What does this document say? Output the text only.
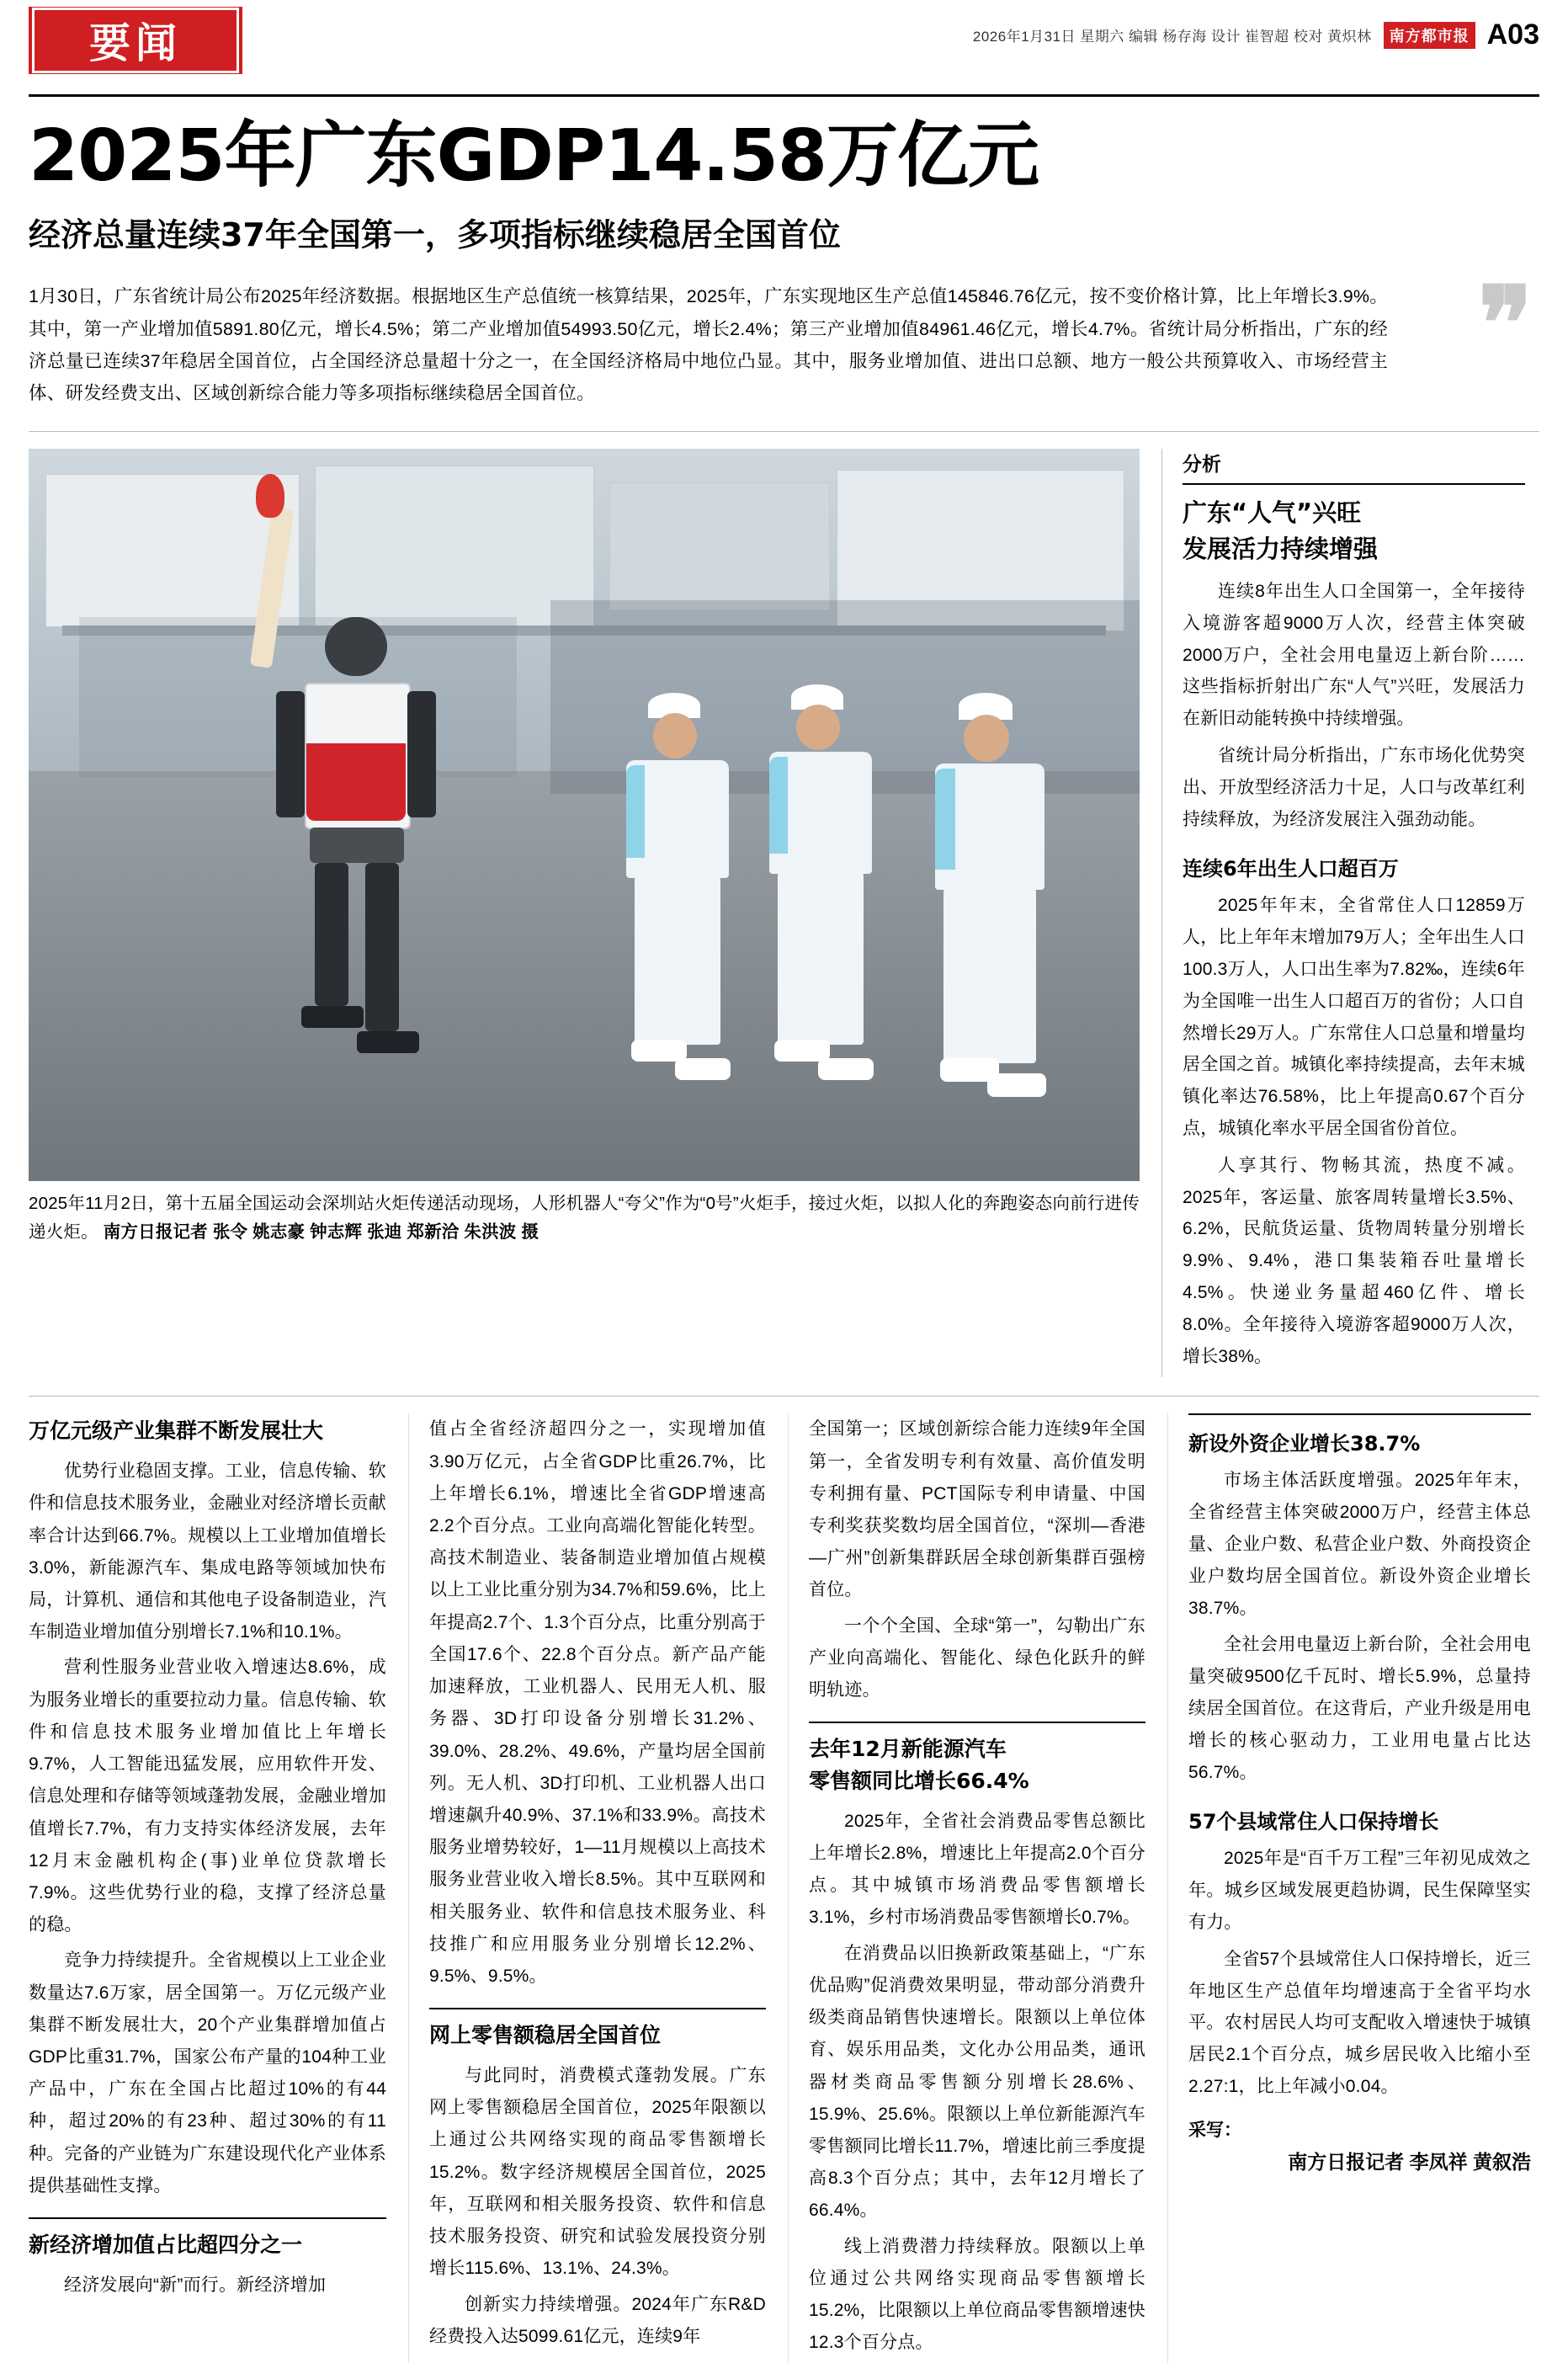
要闻	2026年1月31日 星期六 编辑 杨存海 设计 崔智超 校对 黄炽林	南方都市报 A03
2025年广东GDP14.58万亿元
经济总量连续37年全国第一，多项指标继续稳居全国首位
❞
1月30日，广东省统计局公布2025年经济数据。根据地区生产总值统一核算结果，2025年，广东实现地区生产总值145846.76亿元，按不变价格计算，比上年增长3.9%。其中，第一产业增加值5891.80亿元，增长4.5%；第二产业增加值54993.50亿元，增长2.4%；第三产业增加值84961.46亿元，增长4.7%。省统计局分析指出，广东的经济总量已连续37年稳居全国首位，占全国经济总量超十分之一，在全国经济格局中地位凸显。其中，服务业增加值、进出口总额、地方一般公共预算收入、市场经营主体、研发经费支出、区域创新综合能力等多项指标继续稳居全国首位。
2025年11月2日，第十五届全国运动会深圳站火炬传递活动现场，人形机器人“夸父”作为“0号”火炬手，接过火炬，以拟人化的奔跑姿态向前行进传递火炬。 南方日报记者 张令 姚志豪 钟志辉 张迪 郑新洽 朱洪波 摄
分析
广东“人气”兴旺
发展活力持续增强

连续8年出生人口全国第一，全年接待入境游客超9000万人次，经营主体突破2000万户，全社会用电量迈上新台阶……这些指标折射出广东“人气”兴旺，发展活力在新旧动能转换中持续增强。

省统计局分析指出，广东市场化优势突出、开放型经济活力十足，人口与改革红利持续释放，为经济发展注入强劲动能。

连续6年出生人口超百万

2025年年末，全省常住人口12859万人，比上年年末增加79万人；全年出生人口100.3万人，人口出生率为7.82‰，连续6年为全国唯一出生人口超百万的省份；人口自然增长29万人。广东常住人口总量和增量均居全国之首。城镇化率持续提高，去年末城镇化率达76.58%，比上年提高0.67个百分点，城镇化率水平居全国省份首位。

人享其行、物畅其流，热度不减。2025年，客运量、旅客周转量增长3.5%、6.2%，民航货运量、货物周转量分别增长9.9%、9.4%，港口集装箱吞吐量增长4.5%。快递业务量超460亿件、增长8.0%。全年接待入境游客超9000万人次，增长38%。

万亿元级产业集群不断发展壮大

优势行业稳固支撑。工业，信息传输、软件和信息技术服务业，金融业对经济增长贡献率合计达到66.7%。规模以上工业增加值增长3.0%，新能源汽车、集成电路等领域加快布局，计算机、通信和其他电子设备制造业，汽车制造业增加值分别增长7.1%和10.1%。

营利性服务业营业收入增速达8.6%，成为服务业增长的重要拉动力量。信息传输、软件和信息技术服务业增加值比上年增长9.7%，人工智能迅猛发展，应用软件开发、信息处理和存储等领域蓬勃发展，金融业增加值增长7.7%，有力支持实体经济发展，去年12月末金融机构企(事)业单位贷款增长7.9%。这些优势行业的稳，支撑了经济总量的稳。

竞争力持续提升。全省规模以上工业企业数量达7.6万家，居全国第一。万亿元级产业集群不断发展壮大，20个产业集群增加值占GDP比重31.7%，国家公布产量的104种工业产品中，广东在全国占比超过10%的有44种，超过20%的有23种、超过30%的有11种。完备的产业链为广东建设现代化产业体系提供基础性支撑。

新经济增加值占比超四分之一

经济发展向“新”而行。新经济增加

值占全省经济超四分之一，实现增加值3.90万亿元，占全省GDP比重26.7%，比上年增长6.1%，增速比全省GDP增速高2.2个百分点。工业向高端化智能化转型。高技术制造业、装备制造业增加值占规模以上工业比重分别为34.7%和59.6%，比上年提高2.7个、1.3个百分点，比重分别高于全国17.6个、22.8个百分点。新产品产能加速释放，工业机器人、民用无人机、服务器、3D打印设备分别增长31.2%、39.0%、28.2%、49.6%，产量均居全国前列。无人机、3D打印机、工业机器人出口增速飙升40.9%、37.1%和33.9%。高技术服务业增势较好，1—11月规模以上高技术服务业营业收入增长8.5%。其中互联网和相关服务业、软件和信息技术服务业、科技推广和应用服务业分别增长12.2%、9.5%、9.5%。

网上零售额稳居全国首位

与此同时，消费模式蓬勃发展。广东网上零售额稳居全国首位，2025年限额以上通过公共网络实现的商品零售额增长15.2%。数字经济规模居全国首位，2025年，互联网和相关服务投资、软件和信息技术服务投资、研究和试验发展投资分别增长115.6%、13.1%、24.3%。

创新实力持续增强。2024年广东R&D经费投入达5099.61亿元，连续9年

全国第一；区域创新综合能力连续9年全国第一，全省发明专利有效量、高价值发明专利拥有量、PCT国际专利申请量、中国专利奖获奖数均居全国首位，“深圳—香港—广州”创新集群跃居全球创新集群百强榜首位。

一个个全国、全球“第一”，勾勒出广东产业向高端化、智能化、绿色化跃升的鲜明轨迹。

去年12月新能源汽车
零售额同比增长66.4%

2025年，全省社会消费品零售总额比上年增长2.8%，增速比上年提高2.0个百分点。其中城镇市场消费品零售额增长3.1%，乡村市场消费品零售额增长0.7%。

在消费品以旧换新政策基础上，“广东优品购”促消费效果明显，带动部分消费升级类商品销售快速增长。限额以上单位体育、娱乐用品类，文化办公用品类，通讯器材类商品零售额分别增长28.6%、15.9%、25.6%。限额以上单位新能源汽车零售额同比增长11.7%，增速比前三季度提高8.3个百分点；其中，去年12月增长了66.4%。

线上消费潜力持续释放。限额以上单位通过公共网络实现商品零售额增长15.2%，比限额以上单位商品零售额增速快12.3个百分点。

新设外资企业增长38.7%

市场主体活跃度增强。2025年年末，全省经营主体突破2000万户，经营主体总量、企业户数、私营企业户数、外商投资企业户数均居全国首位。新设外资企业增长38.7%。

全社会用电量迈上新台阶，全社会用电量突破9500亿千瓦时、增长5.9%，总量持续居全国首位。在这背后，产业升级是用电增长的核心驱动力，工业用电量占比达56.7%。

57个县域常住人口保持增长

2025年是“百千万工程”三年初见成效之年。城乡区域发展更趋协调，民生保障坚实有力。

全省57个县域常住人口保持增长，近三年地区生产总值年均增速高于全省平均水平。农村居民人均可支配收入增速快于城镇居民2.1个百分点，城乡居民收入比缩小至2.27:1，比上年减小0.04。

采写：
南方日报记者 李凤祥 黄叙浩
